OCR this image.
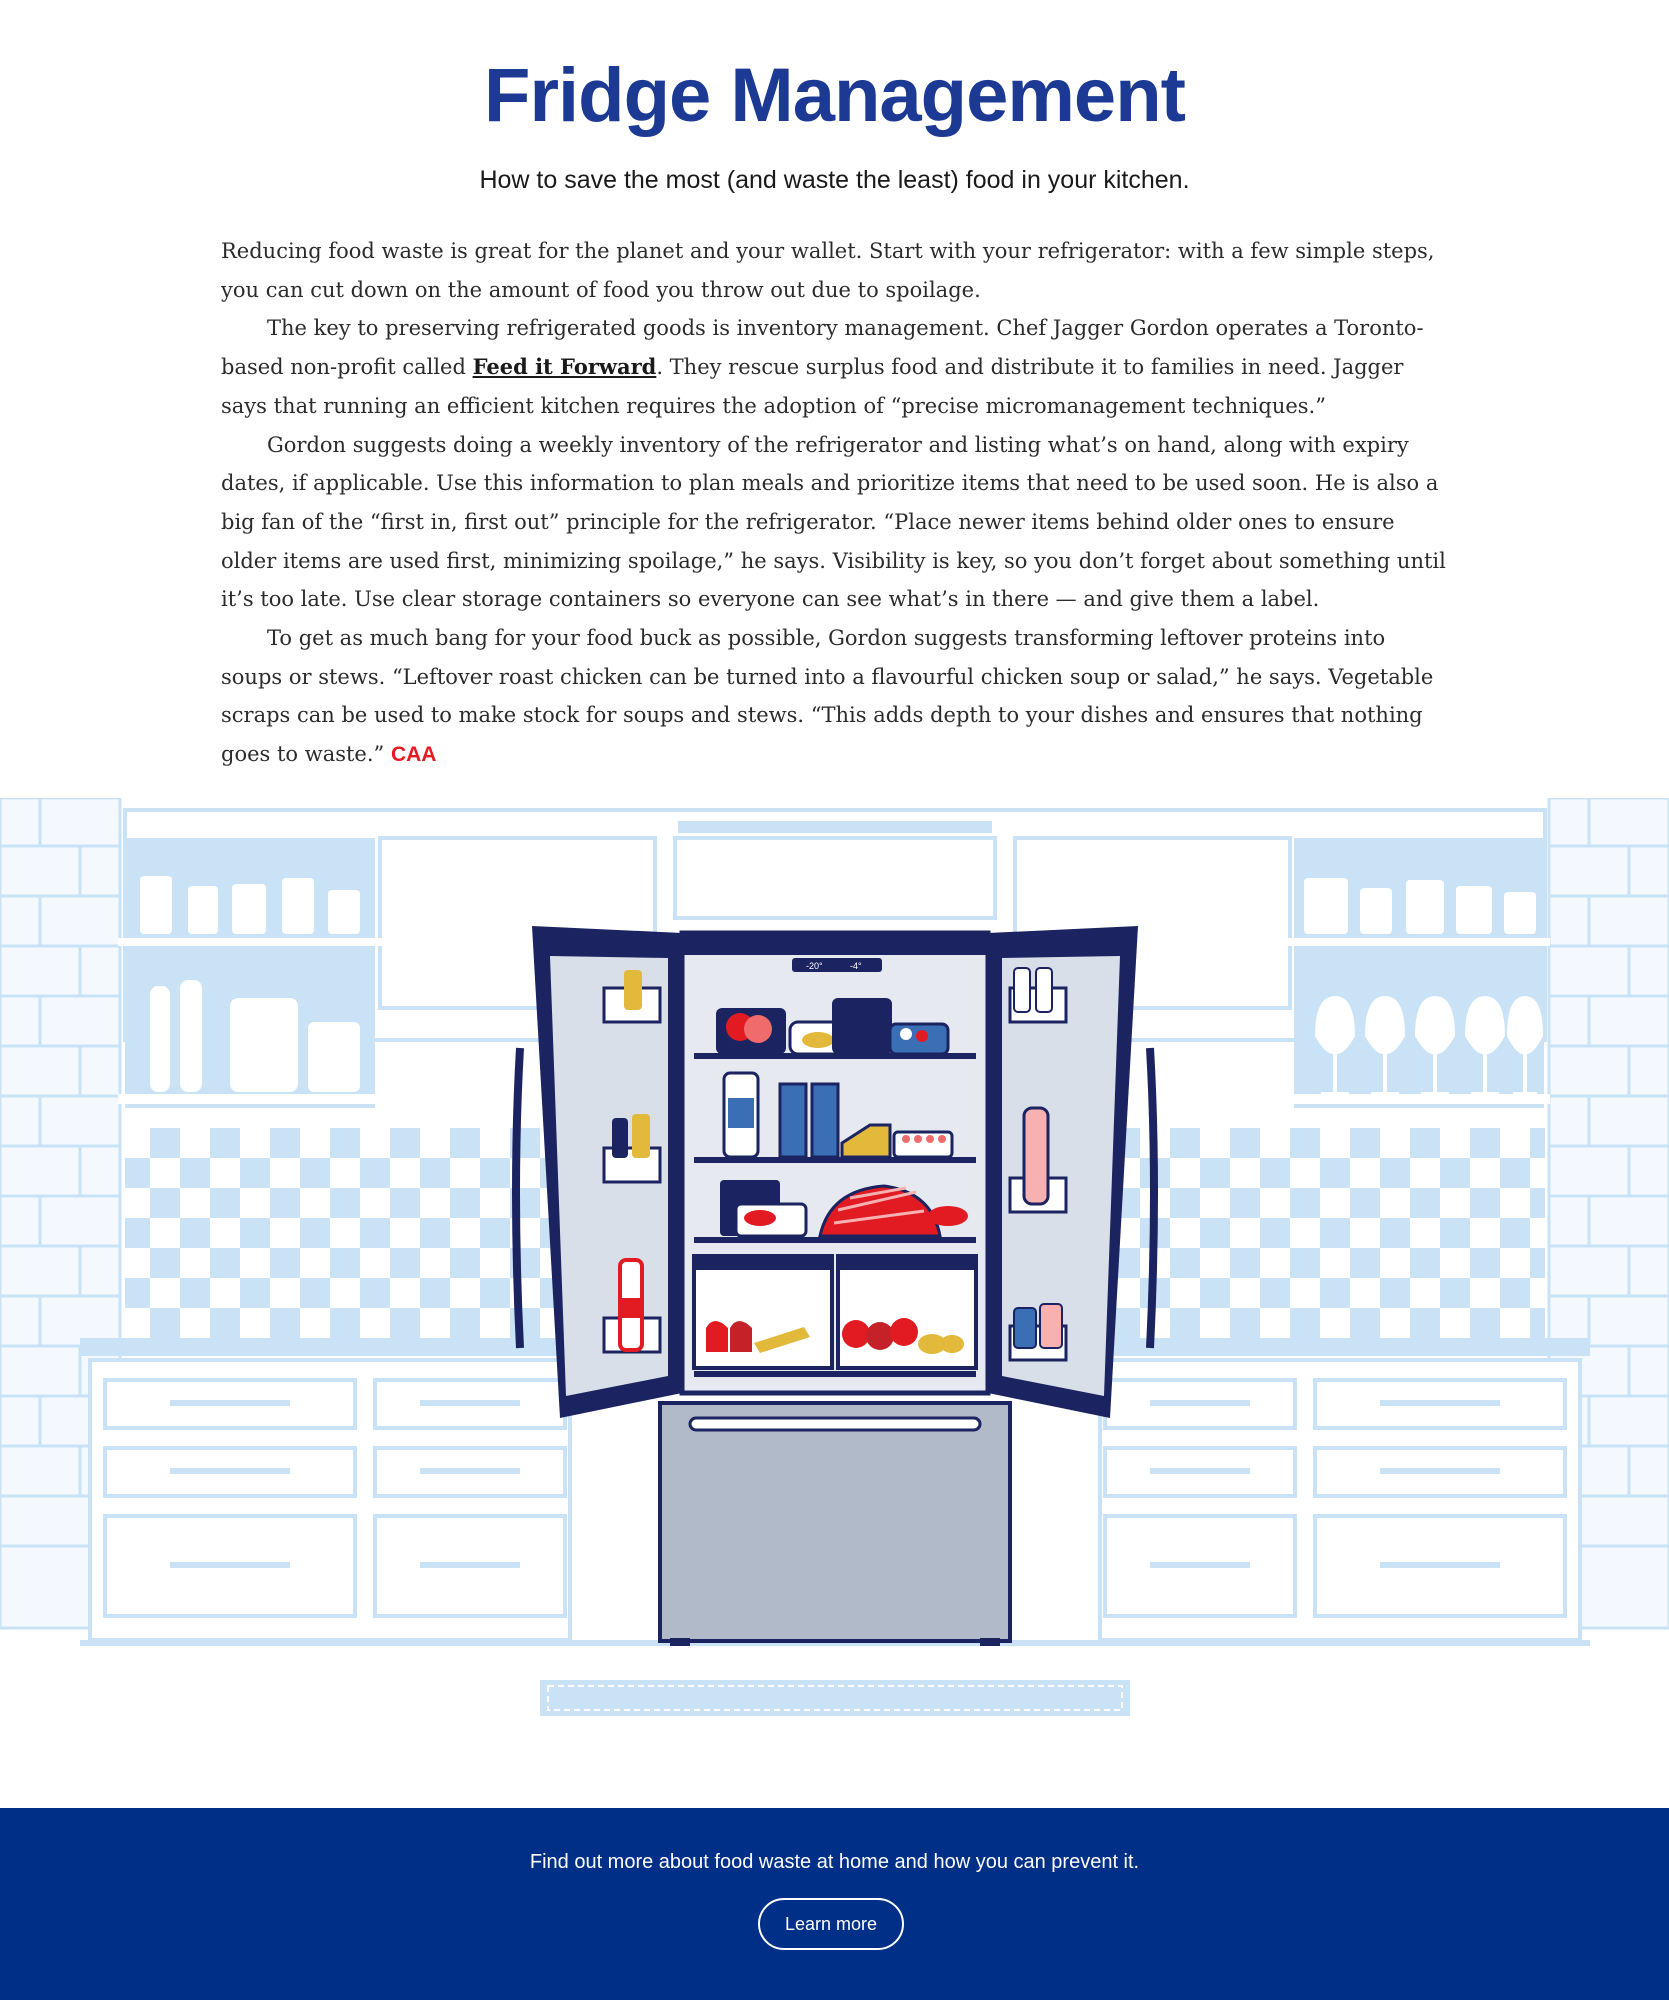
Fridge Management

How to save the most (and waste the least) food in your kitchen.

Reducing food waste is great for the planet and your wallet. Start with your refrigerator: with a few simple steps, you can cut down on the amount of food you throw out due to spoilage.

The key to preserving refrigerated goods is inventory management. Chef Jagger Gordon operates a Toronto-based non-profit called Feed it Forward. They rescue surplus food and distribute it to families in need. Jagger says that running an efficient kitchen requires the adoption of “precise micromanagement techniques.”

Gordon suggests doing a weekly inventory of the refrigerator and listing what’s on hand, along with expiry dates, if applicable. Use this information to plan meals and prioritize items that need to be used soon. He is also a big fan of the “first in, first out” principle for the refrigerator. “Place newer items behind older ones to ensure older items are used first, minimizing spoilage,” he says. Visibility is key, so you don’t forget about something until it’s too late. Use clear storage containers so everyone can see what’s in there — and give them a label.

To get as much bang for your food buck as possible, Gordon suggests transforming leftover proteins into soups or stews. “Leftover roast chicken can be turned into a flavourful chicken soup or salad,” he says. Vegetable scraps can be used to make stock for soups and stews. “This adds depth to your dishes and ensures that nothing goes to waste.” CAA

-20°	-4°

Find out more about food waste at home and how you can prevent it.

Learn more
